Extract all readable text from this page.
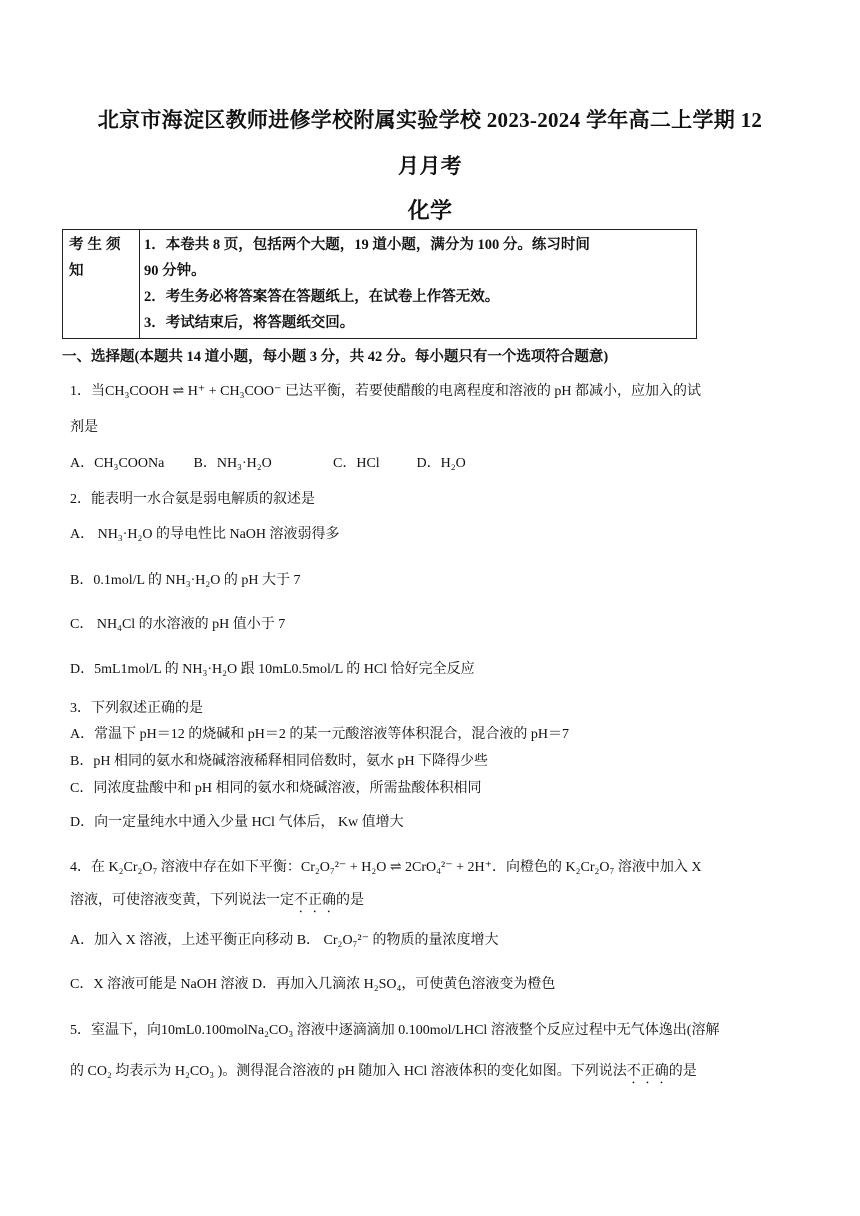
北京市海淀区教师进修学校附属实验学校 2023-2024 学年高二上学期 12
月月考
化学
考生须知	
1．本卷共 8 页，包括两个大题，19 道小题，满分为 100 分。练习时间
90 分钟。
2．考生务必将答案答在答题纸上，在试卷上作答无效。
3．考试结束后，将答题纸交回。
一、选择题(本题共 14 道小题，每小题 3 分，共 42 分。每小题只有一个选项符合题意)
1．当CH₃COOH ⇌ H⁺ + CH₃COO⁻ 已达平衡，若要使醋酸的电离程度和溶液的 pH 都减小，应加入的试
剂是
A．CH₃COONa B．NH₃·H₂O	C．HCl	D．H₂O
2．能表明一水合氨是弱电解质的叙述是
A． NH₃·H₂O 的导电性比 NaOH 溶液弱得多
B．0.1mol/L 的 NH₃·H₂O 的 pH 大于 7
C． NH₄Cl 的水溶液的 pH 值小于 7
D．5mL1mol/L 的 NH₃·H₂O 跟 10mL0.5mol/L 的 HCl 恰好完全反应
3．下列叙述正确的是
A．常温下 pH＝12 的烧碱和 pH＝2 的某一元酸溶液等体积混合，混合液的 pH＝7
B．pH 相同的氨水和烧碱溶液稀释相同倍数时，氨水 pH 下降得少些
C．同浓度盐酸中和 pH 相同的氨水和烧碱溶液，所需盐酸体积相同
D．向一定量纯水中通入少量 HCl 气体后， Kw 值增大
4．在 K₂Cr₂O₇ 溶液中存在如下平衡：Cr₂O₇²⁻ + H₂O ⇌ 2CrO₄²⁻ + 2H⁺．向橙色的 K₂Cr₂O₇ 溶液中加入 X
溶液，可使溶液变黄，下列说法一定不正确的是
A．加入 X 溶液，上述平衡正向移动 B． Cr₂O₇²⁻ 的物质的量浓度增大
C．X 溶液可能是 NaOH 溶液 D．再加入几滴浓 H₂SO₄，可使黄色溶液变为橙色
5．室温下，向10mL0.100molNa₂CO₃ 溶液中逐滴滴加 0.100mol/LHCl 溶液整个反应过程中无气体逸出(溶解
的 CO₂ 均表示为 H₂CO₃ )。测得混合溶液的 pH 随加入 HCl 溶液体积的变化如图。下列说法不正确的是
